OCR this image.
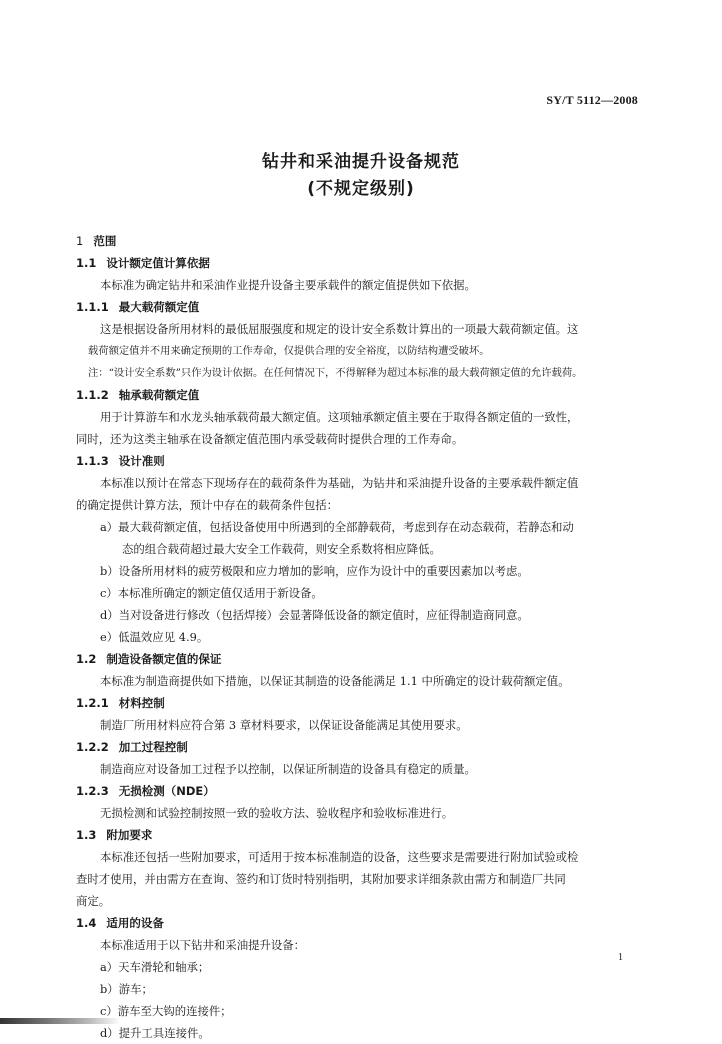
SY/T 5112—2008
钻井和采油提升设备规范
(不规定级别)
1 范围
1.1 设计额定值计算依据
本标准为确定钻井和采油作业提升设备主要承载件的额定值提供如下依据。
1.1.1 最大载荷额定值
这是根据设备所用材料的最低屈服强度和规定的设计安全系数计算出的一项最大载荷额定值。这
载荷额定值并不用来确定预期的工作寿命，仅提供合理的安全裕度，以防结构遭受破坏。
注：“设计安全系数”只作为设计依据。在任何情况下，不得解释为超过本标准的最大载荷额定值的允许载荷。
1.1.2 轴承载荷额定值
用于计算游车和水龙头轴承载荷最大额定值。这项轴承额定值主要在于取得各额定值的一致性，
同时，还为这类主轴承在设备额定值范围内承受载荷时提供合理的工作寿命。
1.1.3 设计准则
本标准以预计在常态下现场存在的载荷条件为基础，为钻井和采油提升设备的主要承载件额定值
的确定提供计算方法，预计中存在的载荷条件包括：
a）最大载荷额定值，包括设备使用中所遇到的全部静载荷，考虑到存在动态载荷，若静态和动
态的组合载荷超过最大安全工作载荷，则安全系数将相应降低。
b）设备所用材料的疲劳极限和应力增加的影响，应作为设计中的重要因素加以考虑。
c）本标准所确定的额定值仅适用于新设备。
d）当对设备进行修改（包括焊接）会显著降低设备的额定值时，应征得制造商同意。
e）低温效应见 4.9。
1.2 制造设备额定值的保证
本标准为制造商提供如下措施，以保证其制造的设备能满足 1.1 中所确定的设计载荷额定值。
1.2.1 材料控制
制造厂所用材料应符合第 3 章材料要求，以保证设备能满足其使用要求。
1.2.2 加工过程控制
制造商应对设备加工过程予以控制，以保证所制造的设备具有稳定的质量。
1.2.3 无损检测（NDE）
无损检测和试验控制按照一致的验收方法、验收程序和验收标准进行。
1.3 附加要求
本标准还包括一些附加要求，可适用于按本标准制造的设备，这些要求是需要进行附加试验或检
查时才使用，并由需方在查询、签约和订货时特别指明，其附加要求详细条款由需方和制造厂共同
商定。
1.4 适用的设备
本标准适用于以下钻井和采油提升设备：
a）天车滑轮和轴承；
b）游车；
c）游车至大钩的连接件；
d）提升工具连接件。
1
